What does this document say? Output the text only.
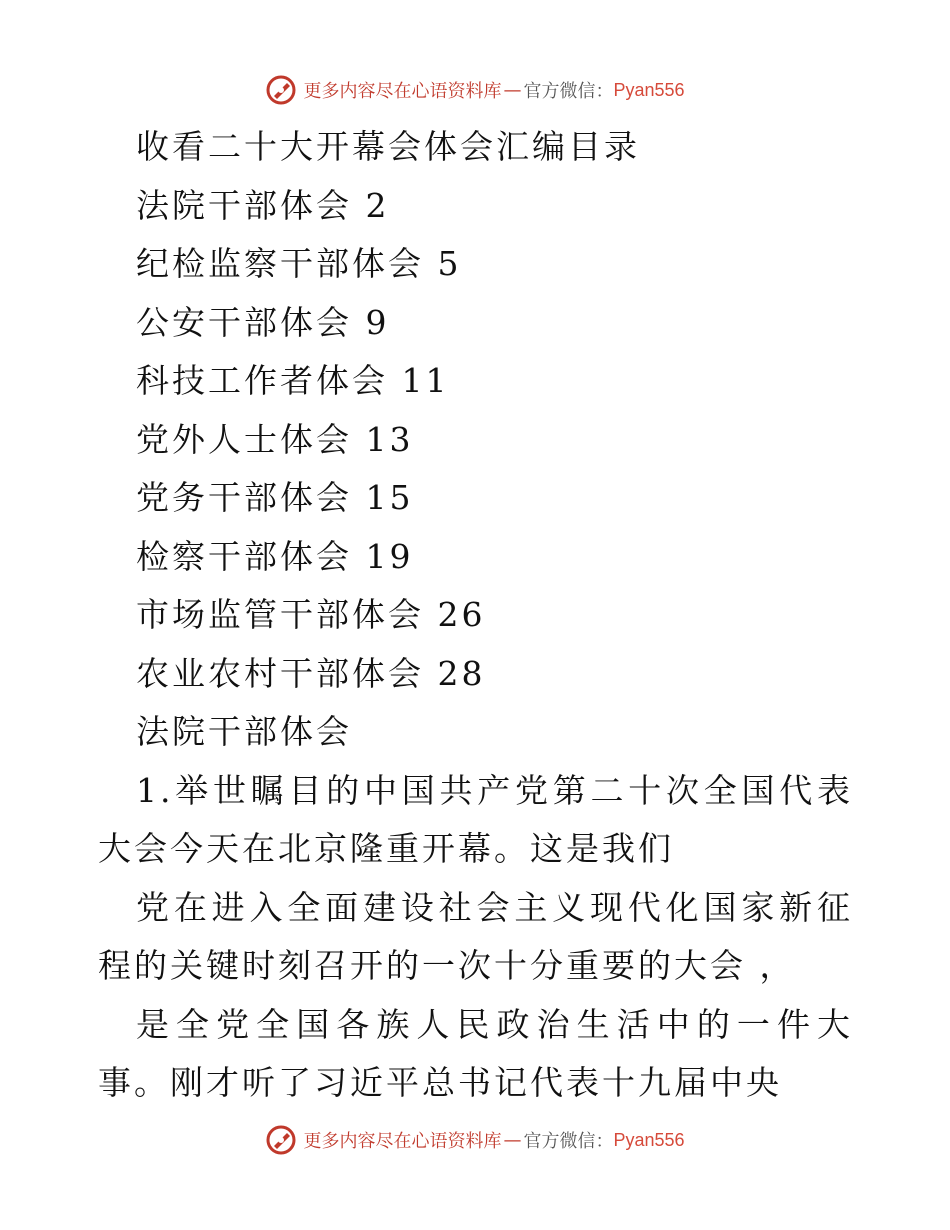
更多内容尽在心语资料库 — 官方微信： Pyan556
收看二十大开幕会体会汇编目录
法院干部体会 2
纪检监察干部体会 5
公安干部体会 9
科技工作者体会 11
党外人士体会 13
党务干部体会 15
检察干部体会 19
市场监管干部体会 26
农业农村干部体会 28
法院干部体会

1.举世瞩目的中国共产党第二十次全国代表大会今天在北京隆重开幕。这是我们

党在进入全面建设社会主义现代化国家新征程的关键时刻召开的一次十分重要的大会 ，

是全党全国各族人民政治生活中的一件大事。刚才听了习近平总书记代表十九届中央

更多内容尽在心语资料库 — 官方微信： Pyan556
